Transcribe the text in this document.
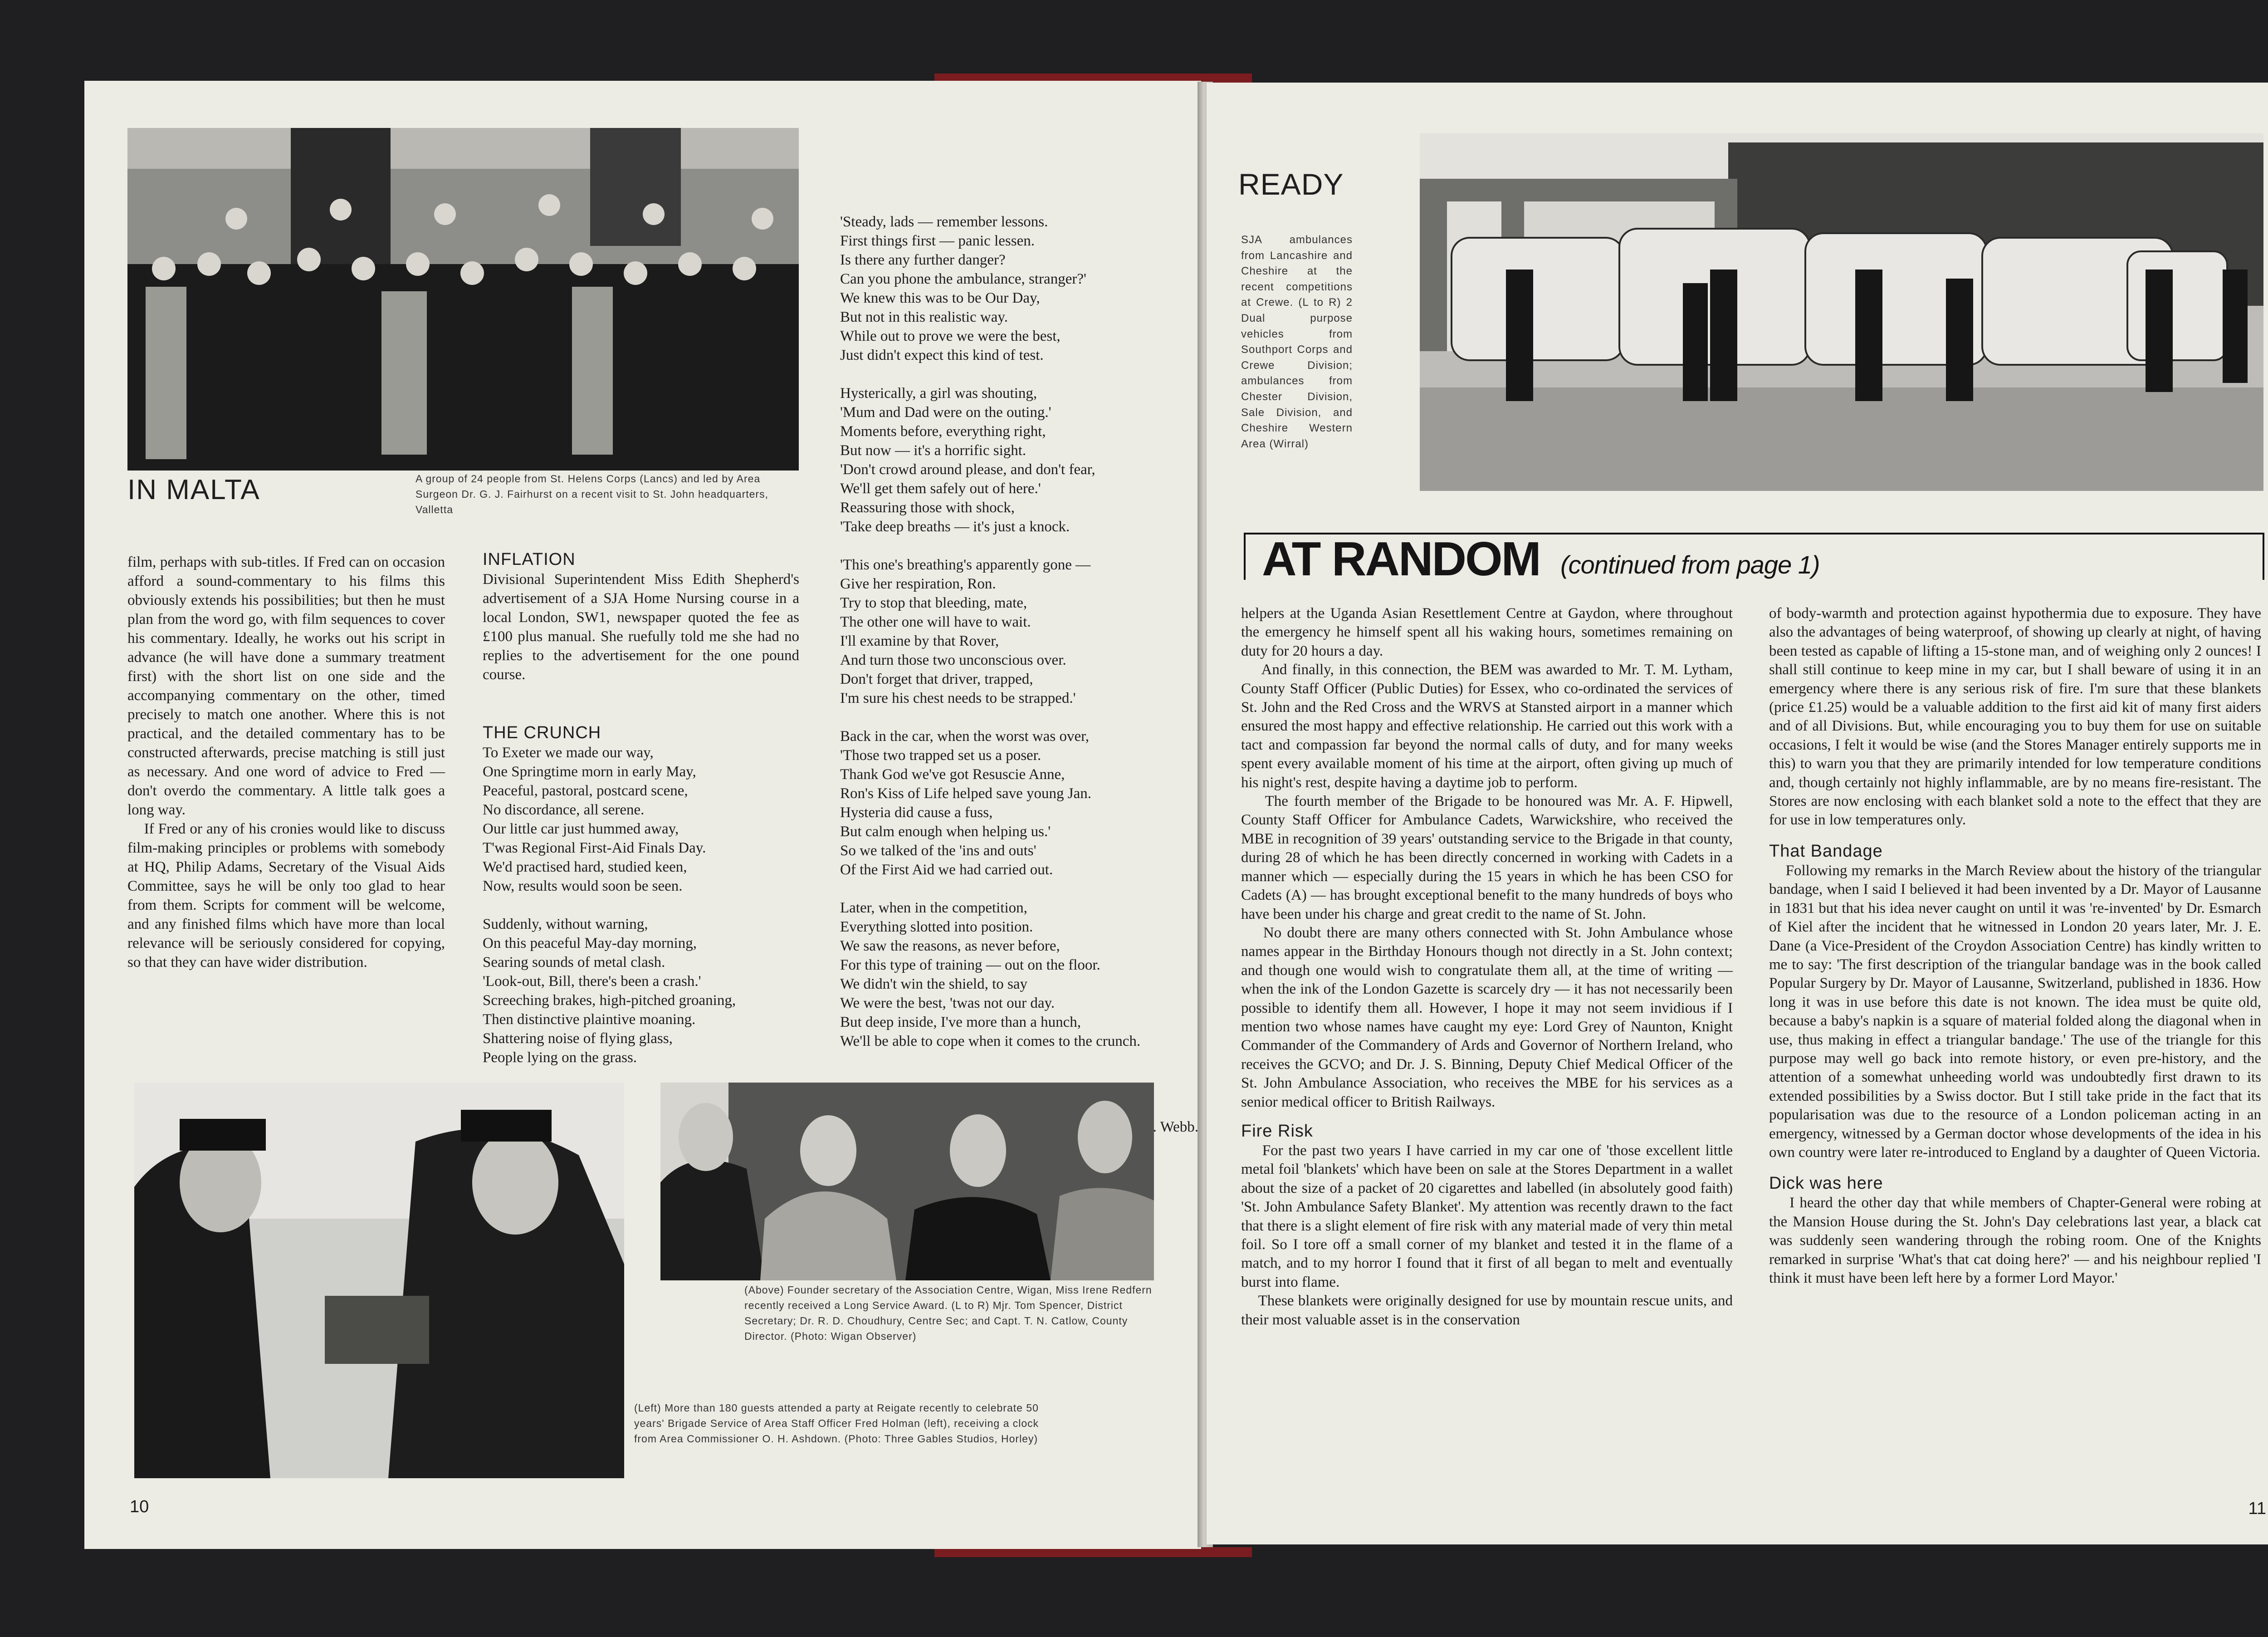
IN MALTA	A group of 24 people from St. Helens Corps (Lancs) and led by Area Surgeon Dr. G. J. Fairhurst on a recent visit to St. John headquarters, Valletta
film, perhaps with sub-titles. If Fred can on occasion afford a sound-commentary to his films this obviously extends his possibilities; but then he must plan from the word go, with film sequences to cover his commentary. Ideally, he works out his script in advance (he will have done a summary treatment first) with the short list on one side and the accompanying commentary on the other, timed precisely to match one another. Where this is not practical, and the detailed commentary has to be constructed afterwards, precise matching is still just as necessary. And one word of advice to Fred — don't overdo the commentary. A little talk goes a long way.
If Fred or any of his cronies would like to discuss film-making principles or problems with somebody at HQ, Philip Adams, Secretary of the Visual Aids Committee, says he will be only too glad to hear from them. Scripts for comment will be welcome, and any finished films which have more than local relevance will be seriously considered for copying, so that they can have wider distribution.
INFLATION
Divisional Superintendent Miss Edith Shepherd's advertisement of a SJA Home Nursing course in a local London, SW1, newspaper quoted the fee as £100 plus manual. She ruefully told me she had no replies to the advertisement for the one pound course.
THE CRUNCH
To Exeter we made our way,
One Springtime morn in early May,
Peaceful, pastoral, postcard scene,
No discordance, all serene.
Our little car just hummed away,
T'was Regional First-Aid Finals Day.
We'd practised hard, studied keen,
Now, results would soon be seen.

Suddenly, without warning,
On this peaceful May-day morning,
Searing sounds of metal clash.
'Look-out, Bill, there's been a crash.'
Screeching brakes, high-pitched groaning,
Then distinctive plaintive moaning.
Shattering noise of flying glass,
People lying on the grass.
'Steady, lads — remember lessons.
First things first — panic lessen.
Is there any further danger?
Can you phone the ambulance, stranger?'
We knew this was to be Our Day,
But not in this realistic way.
While out to prove we were the best,
Just didn't expect this kind of test.

Hysterically, a girl was shouting,
'Mum and Dad were on the outing.'
Moments before, everything right,
But now — it's a horrific sight.
'Don't crowd around please, and don't fear,
We'll get them safely out of here.'
Reassuring those with shock,
'Take deep breaths — it's just a knock.

'This one's breathing's apparently gone —
Give her respiration, Ron.
Try to stop that bleeding, mate,
The other one will have to wait.
I'll examine by that Rover,
And turn those two unconscious over.
Don't forget that driver, trapped,
I'm sure his chest needs to be strapped.'

Back in the car, when the worst was over,
'Those two trapped set us a poser.
Thank God we've got Resuscie Anne,
Ron's Kiss of Life helped save young Jan.
Hysteria did cause a fuss,
But calm enough when helping us.'
So we talked of the 'ins and outs'
Of the First Aid we had carried out.

Later, when in the competition,
Everything slotted into position.
We saw the reasons, as never before,
For this type of training — out on the floor.
We didn't win the shield, to say
We were the best, 'twas not our day.
But deep inside, I've more than a hunch,
We'll be able to cope when it comes to the crunch.
Webb.
(Above) Founder secretary of the Association Centre, Wigan, Miss Irene Redfern recently received a Long Service Award. (L to R) Mjr. Tom Spencer, District Secretary; Dr. R. D. Choudhury, Centre Sec; and Capt. T. N. Catlow, County Director. (Photo: Wigan Observer)
(Left) More than 180 guests attended a party at Reigate recently to celebrate 50 years' Brigade Service of Area Staff Officer Fred Holman (left), receiving a clock from Area Commissioner O. H. Ashdown. (Photo: Three Gables Studios, Horley)
10
READY
SJA ambulances from Lancashire and Cheshire at the recent competitions at Crewe. (L to R) 2 Dual purpose vehicles from Southport Corps and Crewe Division; ambulances from Chester Division, Sale Division, and Cheshire Western Area (Wirral)
AT RANDOM (continued from page 1)
helpers at the Uganda Asian Resettlement Centre at Gaydon, where throughout the emergency he himself spent all his waking hours, sometimes remaining on duty for 20 hours a day.
And finally, in this connection, the BEM was awarded to Mr. T. M. Lytham, County Staff Officer (Public Duties) for Essex, who co-ordinated the services of St. John and the Red Cross and the WRVS at Stansted airport in a manner which ensured the most happy and effective relationship. He carried out this work with a tact and compassion far beyond the normal calls of duty, and for many weeks spent every available moment of his time at the airport, often giving up much of his night's rest, despite having a daytime job to perform.
The fourth member of the Brigade to be honoured was Mr. A. F. Hipwell, County Staff Officer for Ambulance Cadets, Warwickshire, who received the MBE in recognition of 39 years' outstanding service to the Brigade in that county, during 28 of which he has been directly concerned in working with Cadets in a manner which — especially during the 15 years in which he has been CSO for Cadets (A) — has brought exceptional benefit to the many hundreds of boys who have been under his charge and great credit to the name of St. John.
No doubt there are many others connected with St. John Ambulance whose names appear in the Birthday Honours though not directly in a St. John context; and though one would wish to congratulate them all, at the time of writing — when the ink of the London Gazette is scarcely dry — it has not necessarily been possible to identify them all. However, I hope it may not seem invidious if I mention two whose names have caught my eye: Lord Grey of Naunton, Knight Commander of the Commandery of Ards and Governor of Northern Ireland, who receives the GCVO; and Dr. J. S. Binning, Deputy Chief Medical Officer of the St. John Ambulance Association, who receives the MBE for his services as a senior medical officer to British Railways.
Fire Risk
For the past two years I have carried in my car one of 'those excellent little metal foil 'blankets' which have been on sale at the Stores Department in a wallet about the size of a packet of 20 cigarettes and labelled (in absolutely good faith) 'St. John Ambulance Safety Blanket'. My attention was recently drawn to the fact that there is a slight element of fire risk with any material made of very thin metal foil. So I tore off a small corner of my blanket and tested it in the flame of a match, and to my horror I found that it first of all began to melt and eventually burst into flame.
These blankets were originally designed for use by mountain rescue units, and their most valuable asset is in the conservation
of body-warmth and protection against hypothermia due to exposure. They have also the advantages of being waterproof, of showing up clearly at night, of having been tested as capable of lifting a 15-stone man, and of weighing only 2 ounces! I shall still continue to keep mine in my car, but I shall beware of using it in an emergency where there is any serious risk of fire. I'm sure that these blankets (price £1.25) would be a valuable addition to the first aid kit of many first aiders and of all Divisions. But, while encouraging you to buy them for use on suitable occasions, I felt it would be wise (and the Stores Manager entirely supports me in this) to warn you that they are primarily intended for low temperature conditions and, though certainly not highly inflammable, are by no means fire-resistant. The Stores are now enclosing with each blanket sold a note to the effect that they are for use in low temperatures only.
That Bandage
Following my remarks in the March Review about the history of the triangular bandage, when I said I believed it had been invented by a Dr. Mayor of Lausanne in 1831 but that his idea never caught on until it was 're-invented' by Dr. Esmarch of Kiel after the incident that he witnessed in London 20 years later, Mr. J. E. Dane (a Vice-President of the Croydon Association Centre) has kindly written to me to say: 'The first description of the triangular bandage was in the book called Popular Surgery by Dr. Mayor of Lausanne, Switzerland, published in 1836. How long it was in use before this date is not known. The idea must be quite old, because a baby's napkin is a square of material folded along the diagonal when in use, thus making in effect a triangular bandage.' The use of the triangle for this purpose may well go back into remote history, or even pre-history, and the attention of a somewhat unheeding world was undoubtedly first drawn to its extended possibilities by a Swiss doctor. But I still take pride in the fact that its popularisation was due to the resource of a London policeman acting in an emergency, witnessed by a German doctor whose developments of the idea in his own country were later re-introduced to England by a daughter of Queen Victoria.
Dick was here
I heard the other day that while members of Chapter-General were robing at the Mansion House during the St. John's Day celebrations last year, a black cat was suddenly seen wandering through the robing room. One of the Knights remarked in surprise 'What's that cat doing here?' — and his neighbour replied 'I think it must have been left here by a former Lord Mayor.'
11
